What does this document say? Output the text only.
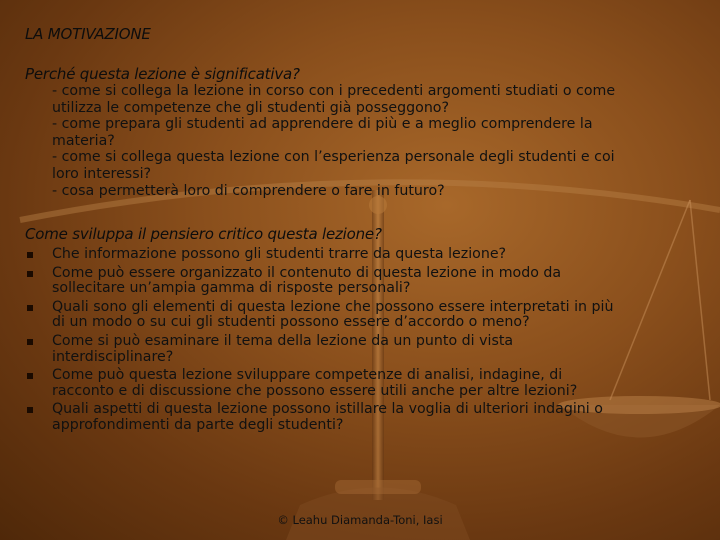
LA MOTIVAZIONE
Perché questa lezione è significativa?
- come si collega la lezione in corso con i precedenti argomenti studiati o come
utilizza le competenze che gli studenti già posseggono?
- come prepara gli studenti ad apprendere di più e a meglio comprendere la
materia?
- come si collega questa lezione con l’esperienza personale degli studenti e coi
loro interessi?
- cosa permetterà loro di comprendere o fare in futuro?
Come sviluppa il pensiero critico questa lezione?
Che informazione possono gli studenti trarre da questa lezione?
Come può essere organizzato il contenuto di questa lezione in modo da
sollecitare un’ampia gamma di risposte personali?
Quali sono gli elementi di questa lezione che possono essere interpretati in più
di un modo o su cui gli studenti possono essere d’accordo o meno?
Come si può esaminare il tema della lezione da un punto di vista
interdisciplinare?
Come può questa lezione sviluppare competenze di analisi, indagine, di
racconto e di discussione che possono essere utili anche per altre lezioni?
Quali aspetti di questa lezione possono istillare la voglia di ulteriori indagini o
approfondimenti da parte degli studenti?
© Leahu Diamanda-Toni, Iasi
